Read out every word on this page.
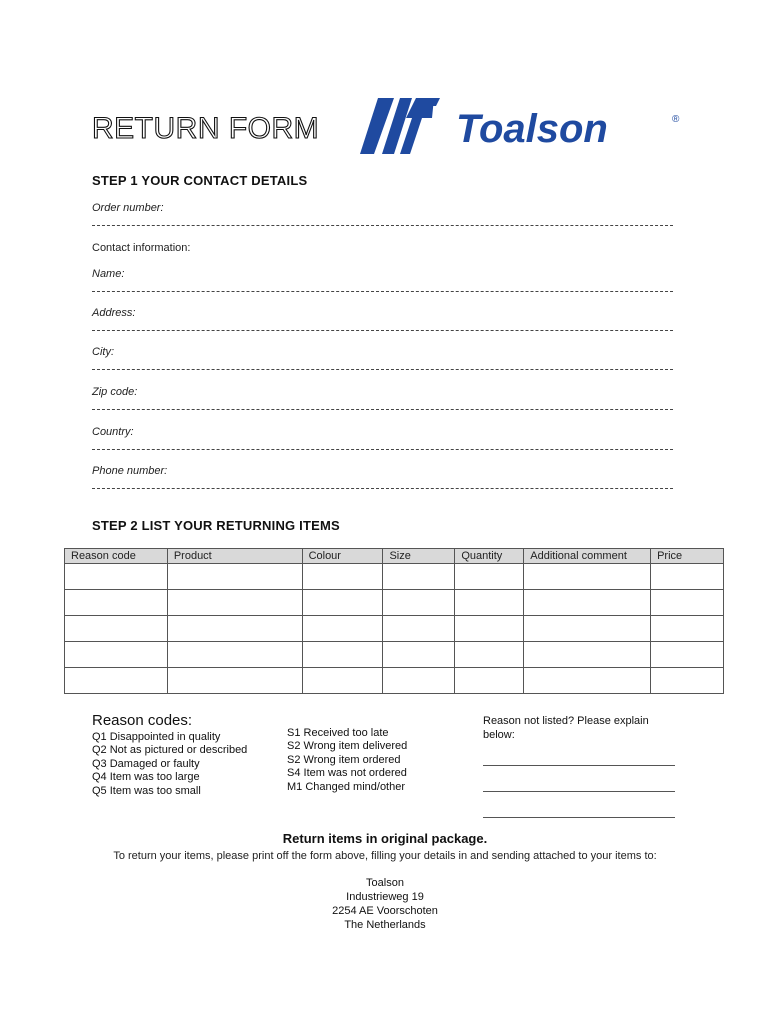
RETURN FORM	Toalson	®
STEP 1 YOUR CONTACT DETAILS
Order number:
Contact information:
Name:
Address:
City:
Zip code:
Country:
Phone number:
STEP 2 LIST YOUR RETURNING ITEMS
Reason code	Product	Colour	Size	Quantity	Additional comment	Price

Reason codes:
Q1 Disappointed in quality
Q2 Not as pictured or described
Q3 Damaged or faulty
Q4 Item was too large
Q5 Item was too small
S1 Received too late
S2 Wrong item delivered
S2 Wrong item ordered
S4 Item was not ordered
M1 Changed mind/other
Reason not listed? Please explain
below:
Return items in original package.
To return your items, please print off the form above, filling your details in and sending attached to your items to:
Toalson
Industrieweg 19
2254 AE Voorschoten
The Netherlands
